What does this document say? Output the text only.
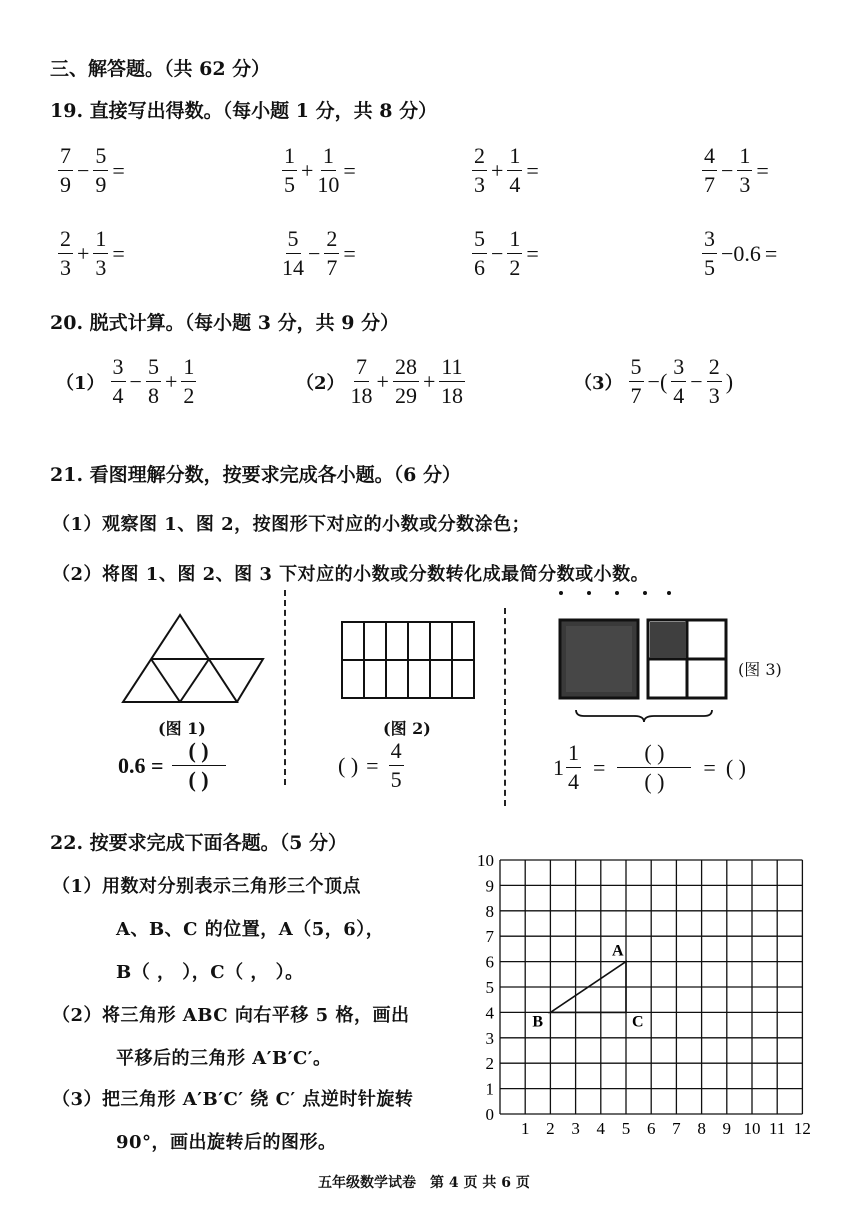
三、解答题。（共 62 分）
19. 直接写出得数。（每小题 1 分，共 8 分）
$\frac{7}{9} - \frac{5}{9}$ =	$\frac{1}{5} + \frac{1}{10}$ =	$\frac{2}{3} + \frac{1}{4}$ =	$\frac{4}{7} - \frac{1}{3}$ =
$\frac{2}{3} + \frac{1}{3}$ =	$\frac{5}{14} - \frac{2}{7}$ =	$\frac{5}{6} - \frac{1}{2}$ =	$\frac{3}{5} -0.6$ =
20. 脱式计算。（每小题 3 分，共 9 分）
$(1) \frac{3}{4} - \frac{5}{8} + \frac{1}{2}$	$(2) \frac{7}{18} + \frac{28}{29} + \frac{11}{18}$	$(3) \frac{5}{7}$ −( $\frac{3}{4} - \frac{2}{3}$ )
21. 看图理解分数，按要求完成各小题。（6 分）
（1）观察图 1、图 2，按图形下对应的小数或分数涂色；
（2）将图 1、图 2、图 3 下对应的小数或分数转化成最简分数或小数。
(图 1)
$0.6 = \frac{( )}{( )}$
(图 2)
( ) = $\frac{4}{5}$
(图 3)
$1 \frac{1}{4} = \frac{( )}{( )}$ = ( )
22. 按要求完成下面各题。（5 分）
（1）用数对分别表示三角形三个顶点
A、B、C 的位置，A（5，6），
B（ ， ），C（ ， ）。
（2）将三角形 ABC 向右平移 5 格，画出
平移后的三角形 A′B′C′。
（3）把三角形 A′B′C′ 绕 C′ 点逆时针旋转
90°，画出旋转后的图形。
1 2 3 4 5 6 7 8 9 10 11 12
0
1
2
3
4
5
6
7
8
9
10
A
B	C
五年级数学试卷　第 4 页 共 6 页
